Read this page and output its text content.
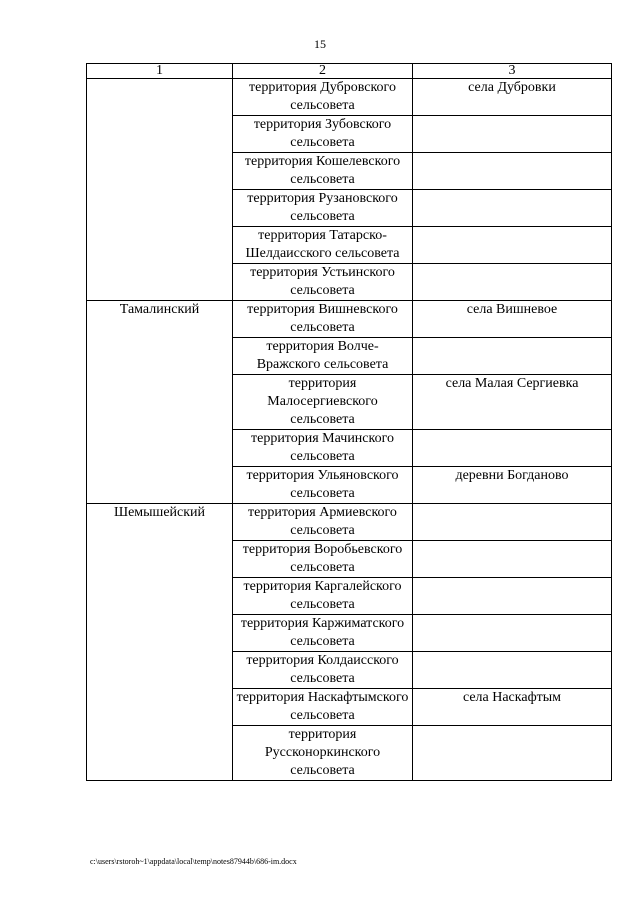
15
1	2	3
	территория Дубровского сельсовета	села Дубровки
	территория Зубовского сельсовета	
	территория Кошелевского сельсовета	
	территория Рузановского сельсовета	
	территория Татарско-Шелдаисского сельсовета	
	территория Устьинского сельсовета	
Тамалинский	территория Вишневского сельсовета	села Вишневое
	территория Волче-Вражского сельсовета	
	территория Малосергиевского сельсовета	села Малая Сергиевка
	территория Мачинского сельсовета	
	территория Ульяновского сельсовета	деревни Богданово
Шемышейский	территория Армиевского сельсовета	
	территория Воробьевского сельсовета	
	территория Каргалейского сельсовета	
	территория Каржиматского сельсовета	
	территория Колдаисского сельсовета	
	территория Наскафтымского сельсовета	села Наскафтым
	территория Руссконоркинского сельсовета	
c:\users\rstoroh~1\appdata\local\temp\notes87944b\686-im.docx
